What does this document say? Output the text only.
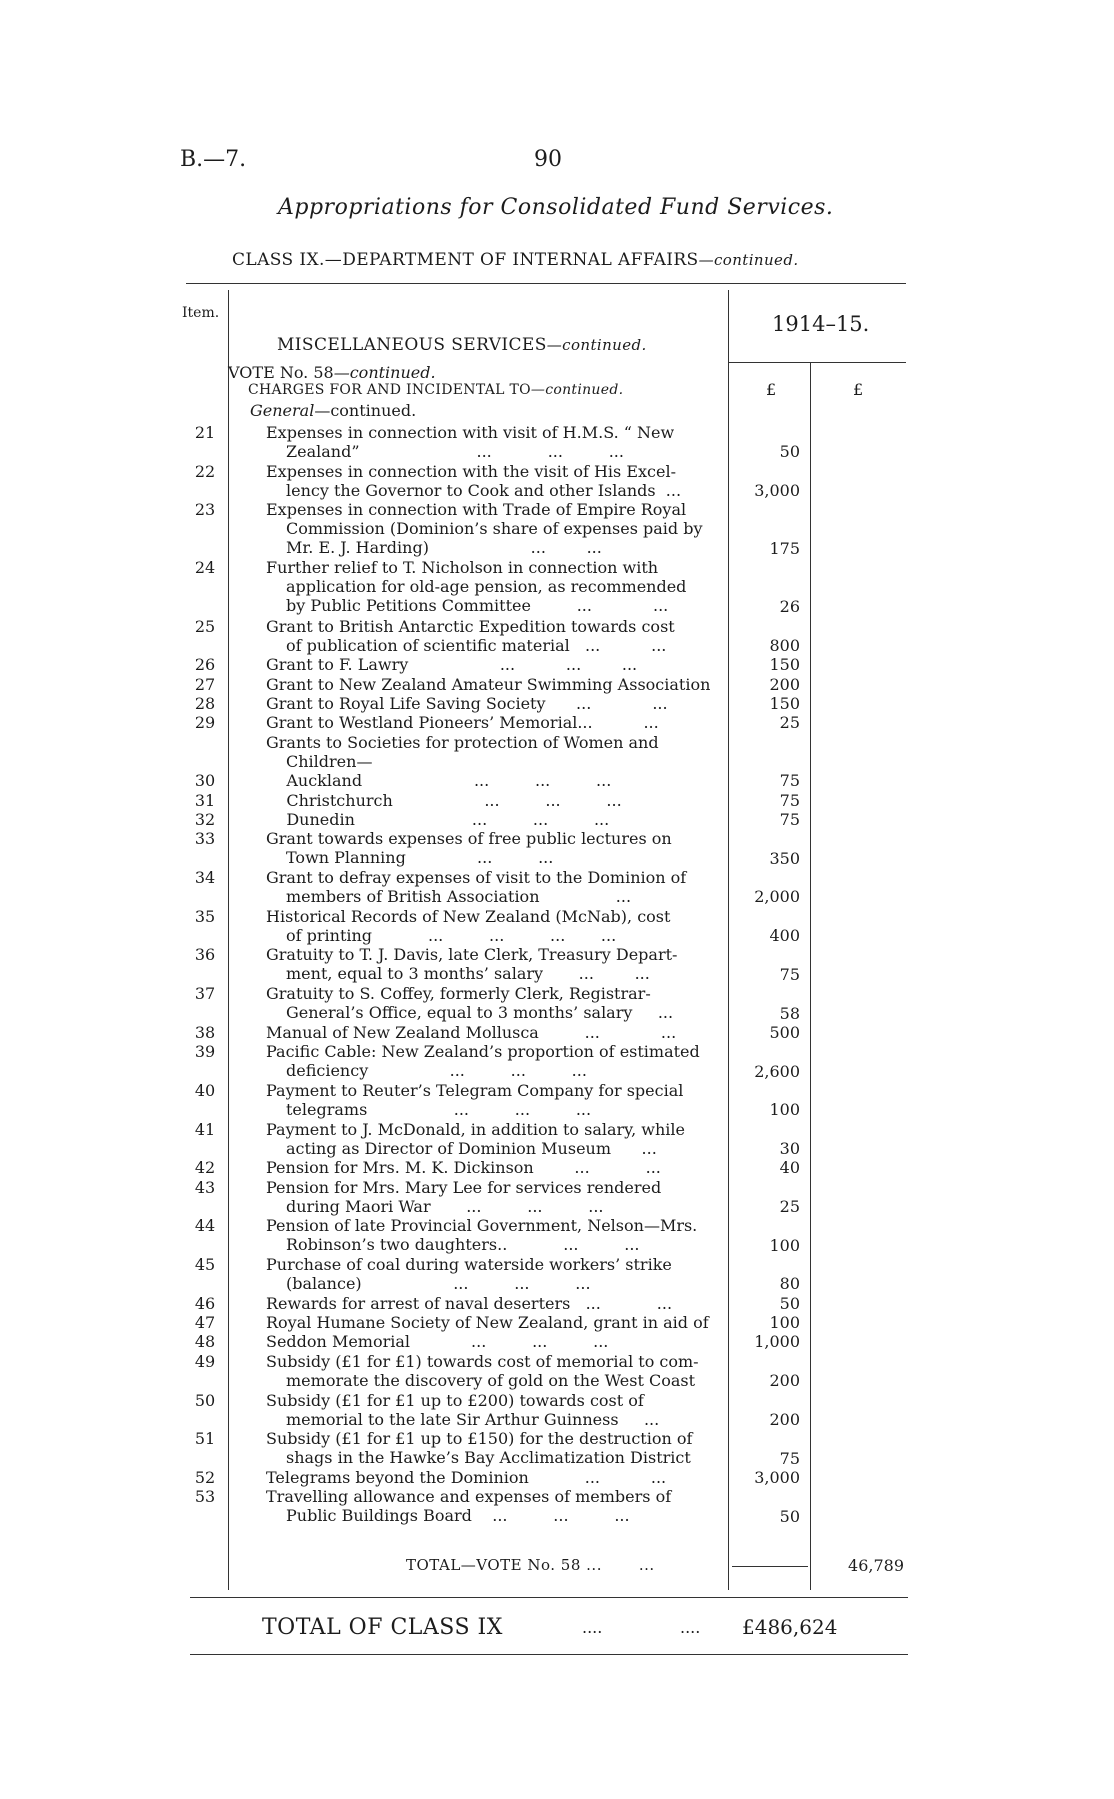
B.—7.	90
Appropriations for Consolidated Fund Services.
CLASS IX.—DEPARTMENT OF INTERNAL AFFAIRS—continued.
Item.	1914–15.
MISCELLANEOUS SERVICES—continued.
VOTE No. 58—continued.
CHARGES FOR AND INCIDENTAL TO—continued.
General—continued.
£	£
21	Expenses in connection with visit of H.M.S. “ New
Zealand”                       ...           ...         ...	50
22	Expenses in connection with the visit of His Excel-
lency the Governor to Cook and other Islands  ...	3,000
23	Expenses in connection with Trade of Empire Royal
Commission (Dominion’s share of expenses paid by
Mr. E. J. Harding)                    ...        ...	175
24	Further relief to T. Nicholson in connection with
application for old-age pension, as recommended
by Public Petitions Committee         ...            ...	26
25	Grant to British Antarctic Expedition towards cost
of publication of scientific material   ...          ...	800
26	Grant to F. Lawry                  ...          ...        ...	150
27	Grant to New Zealand Amateur Swimming Association	200
28	Grant to Royal Life Saving Society      ...            ...	150
29	Grant to Westland Pioneers’ Memorial...          ...	25
Grants to Societies for protection of Women and
Children—
30	Auckland                      ...         ...         ...	75
31	Christchurch                  ...         ...         ...	75
32	Dunedin                       ...         ...         ...	75
33	Grant towards expenses of free public lectures on
Town Planning              ...         ...	350
34	Grant to defray expenses of visit to the Dominion of
members of British Association               ...	2,000
35	Historical Records of New Zealand (McNab), cost
of printing           ...         ...         ...       ...	400
36	Gratuity to T. J. Davis, late Clerk, Treasury Depart-
ment, equal to 3 months’ salary       ...        ...	75
37	Gratuity to S. Coffey, formerly Clerk, Registrar-
General’s Office, equal to 3 months’ salary     ...	58
38	Manual of New Zealand Mollusca         ...            ...	500
39	Pacific Cable: New Zealand’s proportion of estimated
deficiency                ...         ...         ...	2,600
40	Payment to Reuter’s Telegram Company for special
telegrams                 ...         ...         ...	100
41	Payment to J. McDonald, in addition to salary, while
acting as Director of Dominion Museum      ...	30
42	Pension for Mrs. M. K. Dickinson        ...           ...	40
43	Pension for Mrs. Mary Lee for services rendered
during Maori War       ...         ...         ...	25
44	Pension of late Provincial Government, Nelson—Mrs.
Robinson’s two daughters..           ...         ...	100
45	Purchase of coal during waterside workers’ strike
(balance)                  ...         ...         ...	80
46	Rewards for arrest of naval deserters   ...           ...	50
47	Royal Humane Society of New Zealand, grant in aid of	100
48	Seddon Memorial            ...         ...         ...	1,000
49	Subsidy (£1 for £1) towards cost of memorial to com-
memorate the discovery of gold on the West Coast	200
50	Subsidy (£1 for £1 up to £200) towards cost of
memorial to the late Sir Arthur Guinness     ...	200
51	Subsidy (£1 for £1 up to £150) for the destruction of
shags in the Hawke’s Bay Acclimatization District	75
52	Telegrams beyond the Dominion           ...          ...	3,000
53	Travelling allowance and expenses of members of
Public Buildings Board    ...         ...         ...	50
TOTAL—VOTE No. 58 ...       ...	46,789
TOTAL OF CLASS IX	....	.... £486,624
